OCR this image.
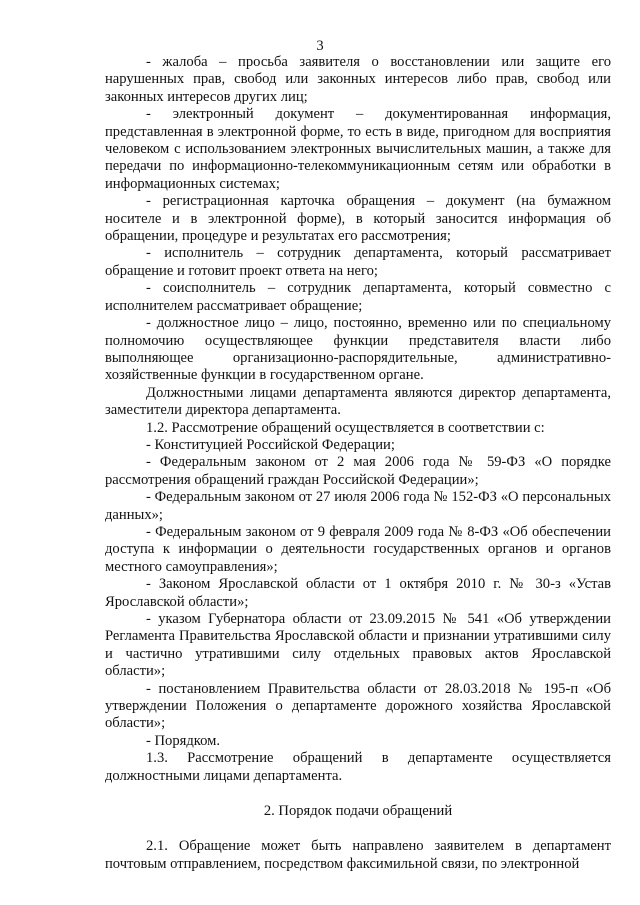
3

- жалоба – просьба заявителя о восстановлении или защите его нарушенных прав, свобод или законных интересов либо прав, свобод или законных интересов других лиц;

- электронный документ – документированная информация, представленная в электронной форме, то есть в виде, пригодном для восприятия человеком с использованием электронных вычислительных машин, а также для передачи по информационно-телекоммуникационным сетям или обработки в информационных системах;

- регистрационная карточка обращения – документ (на бумажном носителе и в электронной форме), в который заносится информация об обращении, процедуре и результатах его рассмотрения;

- исполнитель – сотрудник департамента, который рассматривает обращение и готовит проект ответа на него;

- соисполнитель – сотрудник департамента, который совместно с исполнителем рассматривает обращение;

- должностное лицо – лицо, постоянно, временно или по специальному полномочию осуществляющее функции представителя власти либо выполняющее организационно-распорядительные, административно-хозяйственные функции в государственном органе.

Должностными лицами департамента являются директор департамента, заместители директора департамента.

1.2. Рассмотрение обращений осуществляется в соответствии с:

- Конституцией Российской Федерации;

- Федеральным законом от 2 мая 2006 года № 59-ФЗ «О порядке рассмотрения обращений граждан Российской Федерации»;

- Федеральным законом от 27 июля 2006 года № 152-ФЗ «О персональных данных»;

- Федеральным законом от 9 февраля 2009 года № 8-ФЗ «Об обеспечении доступа к информации о деятельности государственных органов и органов местного самоуправления»;

- Законом Ярославской области от 1 октября 2010 г. № 30-з «Устав Ярославской области»;

- указом Губернатора области от 23.09.2015 № 541 «Об утверждении Регламента Правительства Ярославской области и признании утратившими силу и частично утратившими силу отдельных правовых актов Ярославской области»;

- постановлением Правительства области от 28.03.2018 № 195-п «Об утверждении Положения о департаменте дорожного хозяйства Ярославской области»;

- Порядком.

1.3. Рассмотрение обращений в департаменте осуществляется должностными лицами департамента.

2. Порядок подачи обращений

2.1. Обращение может быть направлено заявителем в департамент почтовым отправлением, посредством факсимильной связи, по электронной
